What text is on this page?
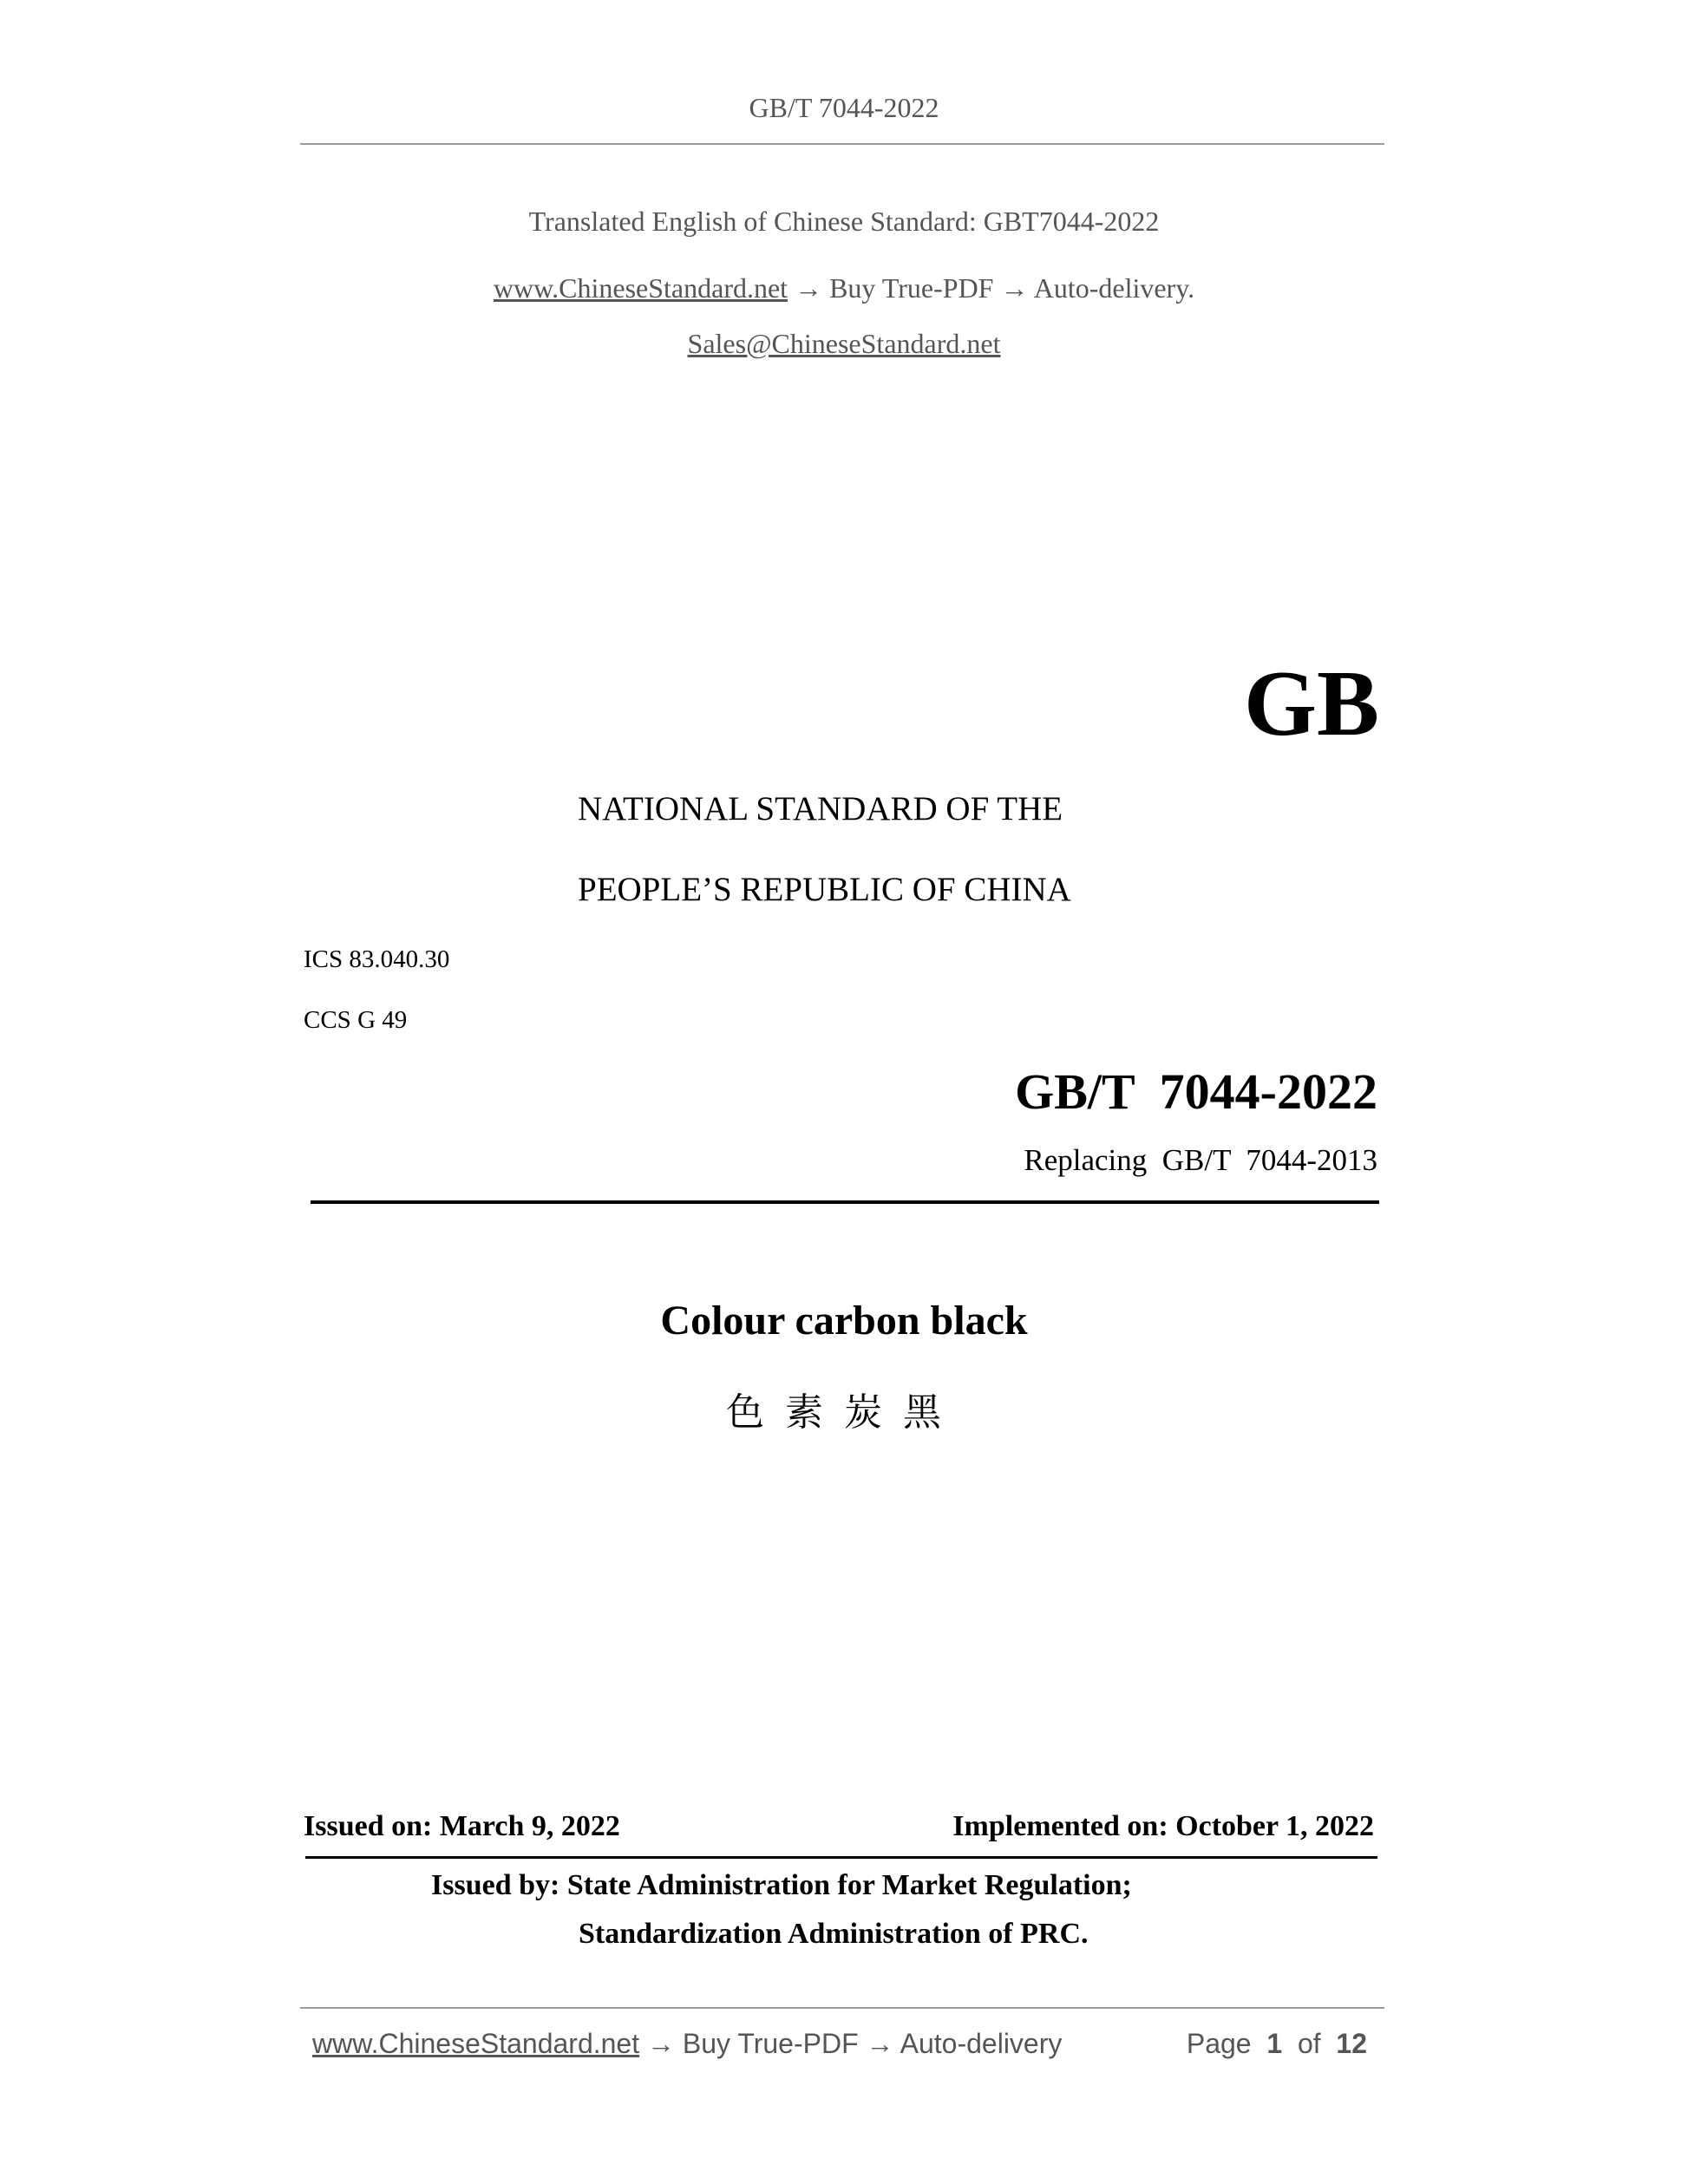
GB/T 7044-2022
Translated English of Chinese Standard: GBT7044-2022
www.ChineseStandard.net → Buy True-PDF → Auto-delivery.
Sales@ChineseStandard.net
GB
NATIONAL STANDARD OF THE
PEOPLE’S REPUBLIC OF CHINA
ICS 83.040.30
CCS G 49
GB/T  7044-2022
Replacing  GB/T  7044-2013
Colour carbon black
色素炭黑
Issued on: March 9, 2022	Implemented on: October 1, 2022
Issued by: State Administration for Market Regulation;
Standardization Administration of PRC.
www.ChineseStandard.net → Buy True-PDF → Auto-delivery	Page 1 of 12
